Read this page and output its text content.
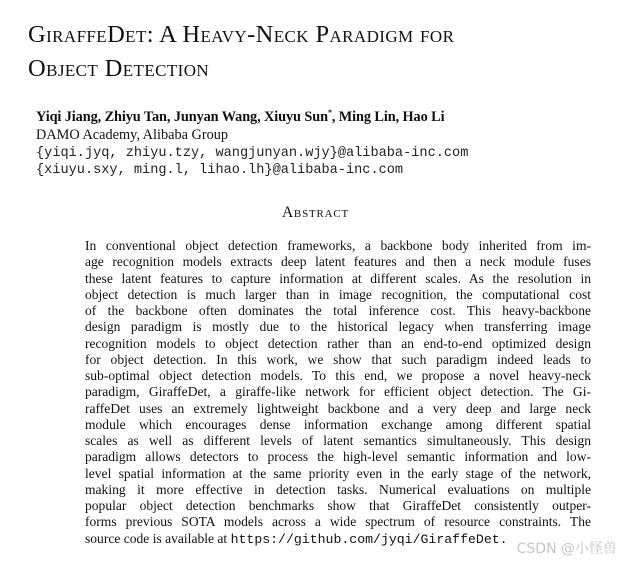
GiraffeDet: A Heavy-Neck Paradigm for
Object Detection
Yiqi Jiang, Zhiyu Tan, Junyan Wang, Xiuyu Sun*, Ming Lin, Hao Li
DAMO Academy, Alibaba Group
{yiqi.jyq, zhiyu.tzy, wangjunyan.wjy}@alibaba-inc.com
{xiuyu.sxy, ming.l, lihao.lh}@alibaba-inc.com
Abstract
In conventional object detection frameworks, a backbone body inherited from im-
age recognition models extracts deep latent features and then a neck module fuses
these latent features to capture information at different scales. As the resolution in
object detection is much larger than in image recognition, the computational cost
of the backbone often dominates the total inference cost. This heavy-backbone
design paradigm is mostly due to the historical legacy when transferring image
recognition models to object detection rather than an end-to-end optimized design
for object detection. In this work, we show that such paradigm indeed leads to
sub-optimal object detection models. To this end, we propose a novel heavy-neck
paradigm, GiraffeDet, a giraffe-like network for efficient object detection. The Gi-
raffeDet uses an extremely lightweight backbone and a very deep and large neck
module which encourages dense information exchange among different spatial
scales as well as different levels of latent semantics simultaneously. This design
paradigm allows detectors to process the high-level semantic information and low-
level spatial information at the same priority even in the early stage of the network,
making it more effective in detection tasks. Numerical evaluations on multiple
popular object detection benchmarks show that GiraffeDet consistently outper-
forms previous SOTA models across a wide spectrum of resource constraints. The
source code is available at https://github.com/jyqi/GiraffeDet.
CSDN @小怪兽
